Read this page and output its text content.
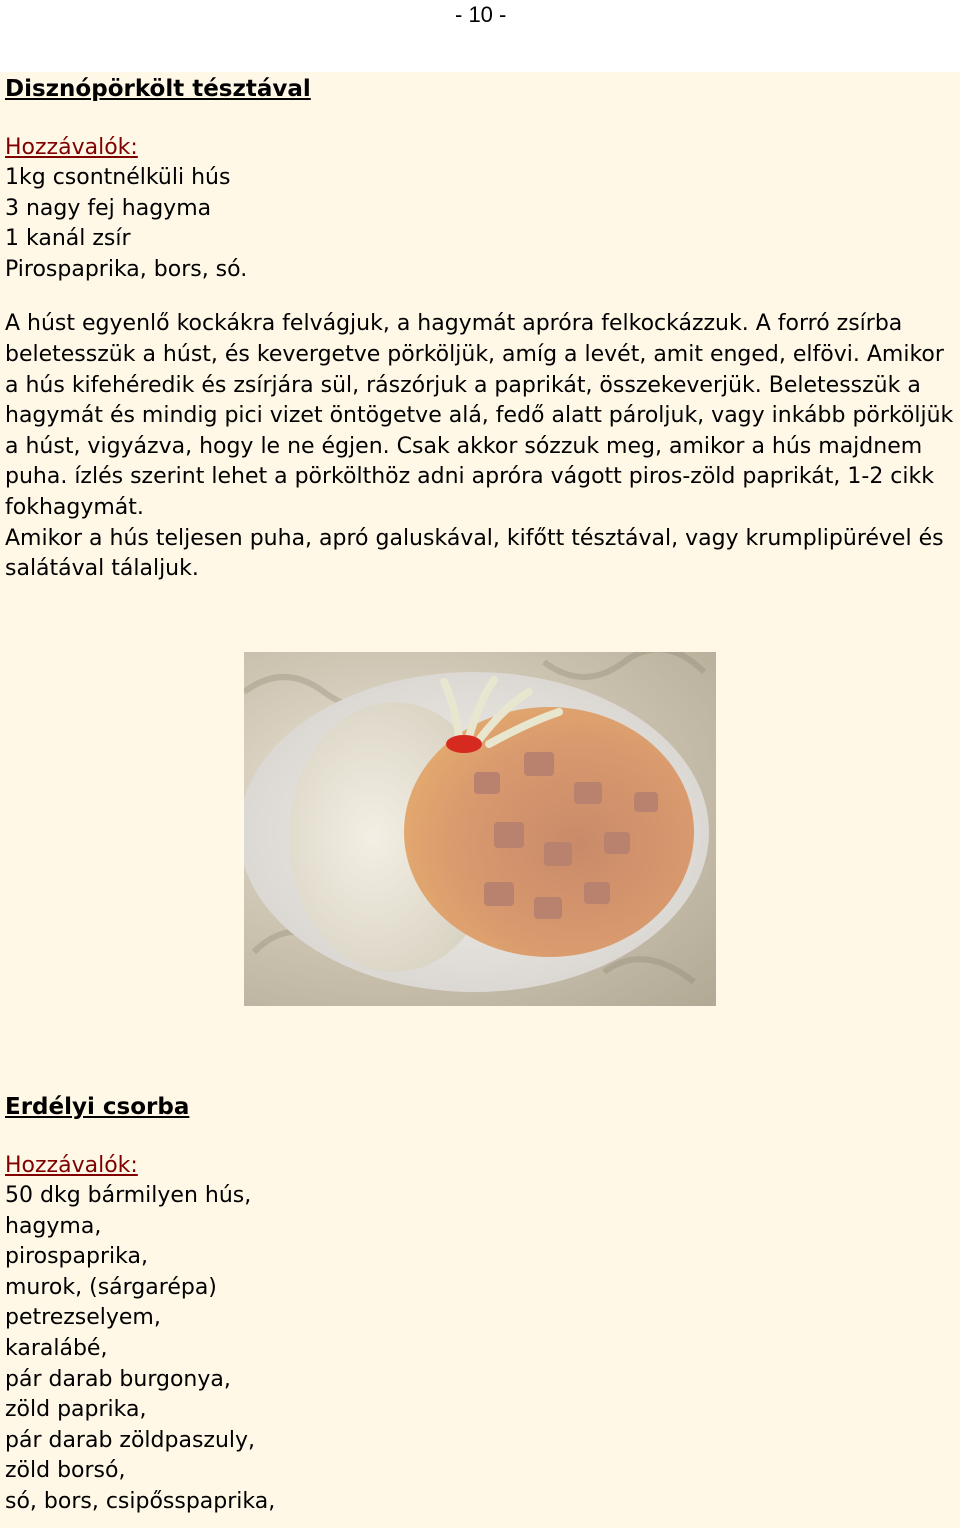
- 10 -
Disznópörkölt tésztával
Hozzávalók:
1kg csontnélküli hús
3 nagy fej hagyma
1 kanál zsír
Pirospaprika, bors, só.

A húst egyenlő kockákra felvágjuk, a hagymát apróra felkockázzuk. A forró zsírba beletesszük a húst, és kevergetve pörköljük, amíg a levét, amit enged, elfövi. Amikor a hús kifehéredik és zsírjára sül, rászórjuk a paprikát, összekeverjük. Beletesszük a hagymát és mindig pici vizet öntögetve alá, fedő alatt pároljuk, vagy inkább pörköljük a húst, vigyázva, hogy le ne égjen. Csak akkor sózzuk meg, amikor a hús majdnem puha. ízlés szerint lehet a pörkölthöz adni apróra vágott piros-zöld paprikát, 1-2 cikk fokhagymát.

Amikor a hús teljesen puha, apró galuskával, kifőtt tésztával, vagy krumplipürével és salátával tálaljuk.

Erdélyi csorba
Hozzávalók:
50 dkg bármilyen hús,
hagyma,
pirospaprika,
murok, (sárgarépa)
petrezselyem,
karalábé,
pár darab burgonya,
zöld paprika,
pár darab zöldpaszuly,
zöld borsó,
só, bors, csipősspaprika,
